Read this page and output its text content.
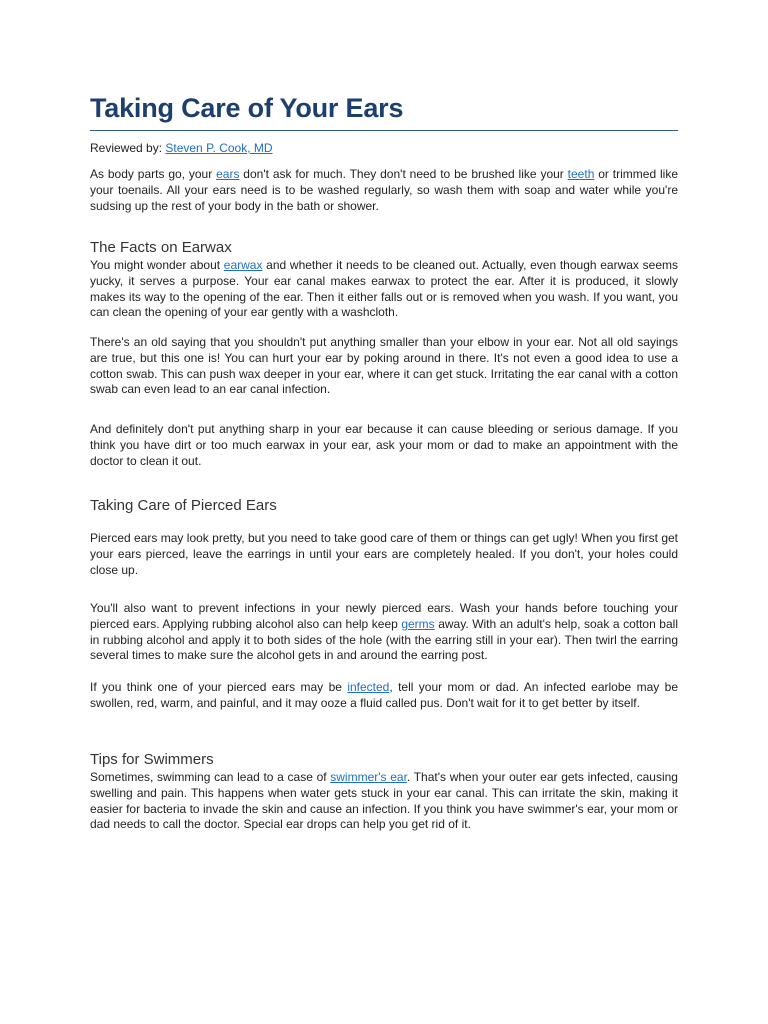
Taking Care of Your Ears
Reviewed by: Steven P. Cook, MD

As body parts go, your ears don't ask for much. They don't need to be brushed like your teeth or trimmed like your toenails. All your ears need is to be washed regularly, so wash them with soap and water while you're sudsing up the rest of your body in the bath or shower.

The Facts on Earwax

You might wonder about earwax and whether it needs to be cleaned out. Actually, even though earwax seems yucky, it serves a purpose. Your ear canal makes earwax to protect the ear. After it is produced, it slowly makes its way to the opening of the ear. Then it either falls out or is removed when you wash. If you want, you can clean the opening of your ear gently with a washcloth.

There's an old saying that you shouldn't put anything smaller than your elbow in your ear. Not all old sayings are true, but this one is! You can hurt your ear by poking around in there. It's not even a good idea to use a cotton swab. This can push wax deeper in your ear, where it can get stuck. Irritating the ear canal with a cotton swab can even lead to an ear canal infection.

And definitely don't put anything sharp in your ear because it can cause bleeding or serious damage. If you think you have dirt or too much earwax in your ear, ask your mom or dad to make an appointment with the doctor to clean it out.

Taking Care of Pierced Ears

Pierced ears may look pretty, but you need to take good care of them or things can get ugly! When you first get your ears pierced, leave the earrings in until your ears are completely healed. If you don't, your holes could close up.

You'll also want to prevent infections in your newly pierced ears. Wash your hands before touching your pierced ears. Applying rubbing alcohol also can help keep germs away. With an adult's help, soak a cotton ball in rubbing alcohol and apply it to both sides of the hole (with the earring still in your ear). Then twirl the earring several times to make sure the alcohol gets in and around the earring post.

If you think one of your pierced ears may be infected, tell your mom or dad. An infected earlobe may be swollen, red, warm, and painful, and it may ooze a fluid called pus. Don't wait for it to get better by itself.

Tips for Swimmers

Sometimes, swimming can lead to a case of swimmer's ear. That's when your outer ear gets infected, causing swelling and pain. This happens when water gets stuck in your ear canal. This can irritate the skin, making it easier for bacteria to invade the skin and cause an infection. If you think you have swimmer's ear, your mom or dad needs to call the doctor. Special ear drops can help you get rid of it.
